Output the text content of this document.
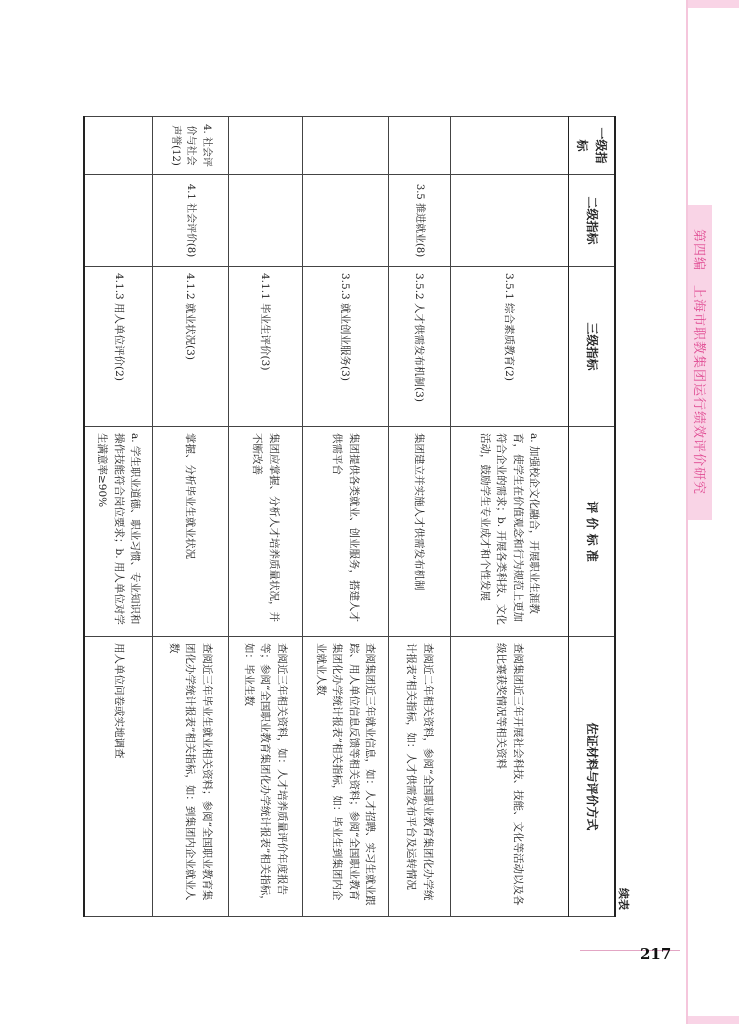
第四编　上海市职教集团运行绩效评价研究
续表
一级指标	二级指标	三级指标	评 价 标 准	佐证材料与评价方式
		3.5.1 综合素质教育(2)	a. 加强校企文化融合，开展职业生涯教育，使学生在价值观念和行为规范上更加符合企业的需求；b. 开展各类科技、文化活动，鼓励学生专业成才和个性发展	查阅集团近三年开展社会科技、技能、文化等活动以及各级比赛获奖情况等相关资料
	3.5 推进就业(8)	3.5.2 人才供需发布机制(3)	集团建立并实施人才供需发布机制	查阅近二年相关资料，参阅“全国职业教育集团化办学统计报表”相关指标，如：人才供需发布平台及运转情况
		3.5.3 就业创业服务(3)	集团提供各类就业、创业服务，搭建人才供需平台	查阅集团近三年就业信息，如：人才招聘、实习生就业跟踪、用人单位信息反馈等相关资料；参阅“全国职业教育集团化办学统计报表”相关指标，如：毕业生到集团内企业就业人数
		4.1.1 毕业生评价(3)	集团应掌握、分析人才培养质量状况，并不断改善	查阅近三年相关资料，如：人才培养质量评价年度报告等；参阅“全国职业教育集团化办学统计报表”相关指标，如：毕业生数
4. 社会评价与社会声誉(12)	4.1 社会评价(8)	4.1.2 就业状况(3)	掌握、分析毕业生就业状况	查阅近三年毕业生就业相关资料；参阅“全国职业教育集团化办学统计报表”相关指标，如：到集团内企业就业人数
		4.1.3 用人单位评价(2)	a. 学生职业道德、职业习惯、专业知识和操作技能符合岗位要求；b. 用人单位对学生满意率≥90%	用人单位问卷或实地调查
217
